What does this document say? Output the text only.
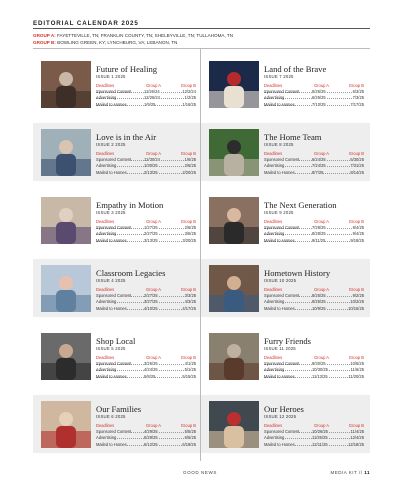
EDITORIAL CALENDAR 2025
GROUP A: FAYETTEVILLE, TN; FRANKLIN COUNTY, TN; SHELBYVILLE, TN; TULLAHOMA, TN
GROUP B: BOWLING GREEN, KY; LYNCHBURG, VA; LEBANON, TN
Future of Healing
ISSUE 1 2025
Deadlines	Group A	Group B
Sponsored Content	11/26/24	12/2/24
Advertising	12/26/24	1/2/25
Mailed to Homes	1/9/25	1/16/25
Land of the Brave
ISSUE 7 2025
Deadlines	Group A	Group B
Sponsored Content	5/26/25	6/3/25
Advertising	6/26/25	7/3/25
Mailed to Homes	7/10/25	7/17/25
Love is in the Air
ISSUE 2 2025
Deadlines	Group A	Group B
Sponsored Content	12/30/24	1/6/25
Advertising	1/30/25	2/6/25
Mailed to Homes	2/13/25	2/20/25
The Home Team
ISSUE 8 2025
Deadlines	Group A	Group B
Sponsored Content	6/24/25	6/30/25
Advertising	7/24/25	7/31/25
Mailed to Homes	8/7/25	8/14/25
Empathy in Motion
ISSUE 3 2025
Deadlines	Group A	Group B
Sponsored Content	1/27/25	2/6/25
Advertising	2/27/25	3/6/25
Mailed to Homes	3/13/25	3/20/25
The Next Generation
ISSUE 9 2025
Deadlines	Group A	Group B
Sponsored Content	7/28/25	8/4/25
Advertising	8/28/25	9/4/25
Mailed to Homes	9/11/25	9/18/25
Classroom Legacies
ISSUE 4 2025
Deadlines	Group A	Group B
Sponsored Content	2/27/25	3/3/25
Advertising	3/27/25	4/3/25
Mailed to Homes	4/10/25	4/17/25
Hometown History
ISSUE 10 2025
Deadlines	Group A	Group B
Sponsored Content	8/25/25	9/2/25
Advertising	9/25/25	10/2/25
Mailed to Homes	10/9/25	10/16/25
Shop Local
ISSUE 5 2025
Deadlines	Group A	Group B
Sponsored Content	3/26/25	4/1/25
Advertising	4/24/25	5/1/25
Mailed to Homes	5/8/25	5/15/25
Furry Friends
ISSUE 11 2025
Deadlines	Group A	Group B
Sponsored Content	9/30/25	10/6/25
Advertising	10/30/25	11/6/25
Mailed to Homes	11/13/25	11/20/25
Our Families
ISSUE 6 2025
Deadlines	Group A	Group B
Sponsored Content	4/29/25	5/5/25
Advertising	5/29/25	6/5/25
Mailed to Homes	6/12/25	6/19/25
Our Heroes
ISSUE 12 2025
Deadlines	Group A	Group B
Sponsored Content	10/26/25	11/4/25
Advertising	11/26/25	12/4/25
Mailed to Homes	12/11/25	12/18/25
GOOD NEWS	MEDIA KIT // 11
